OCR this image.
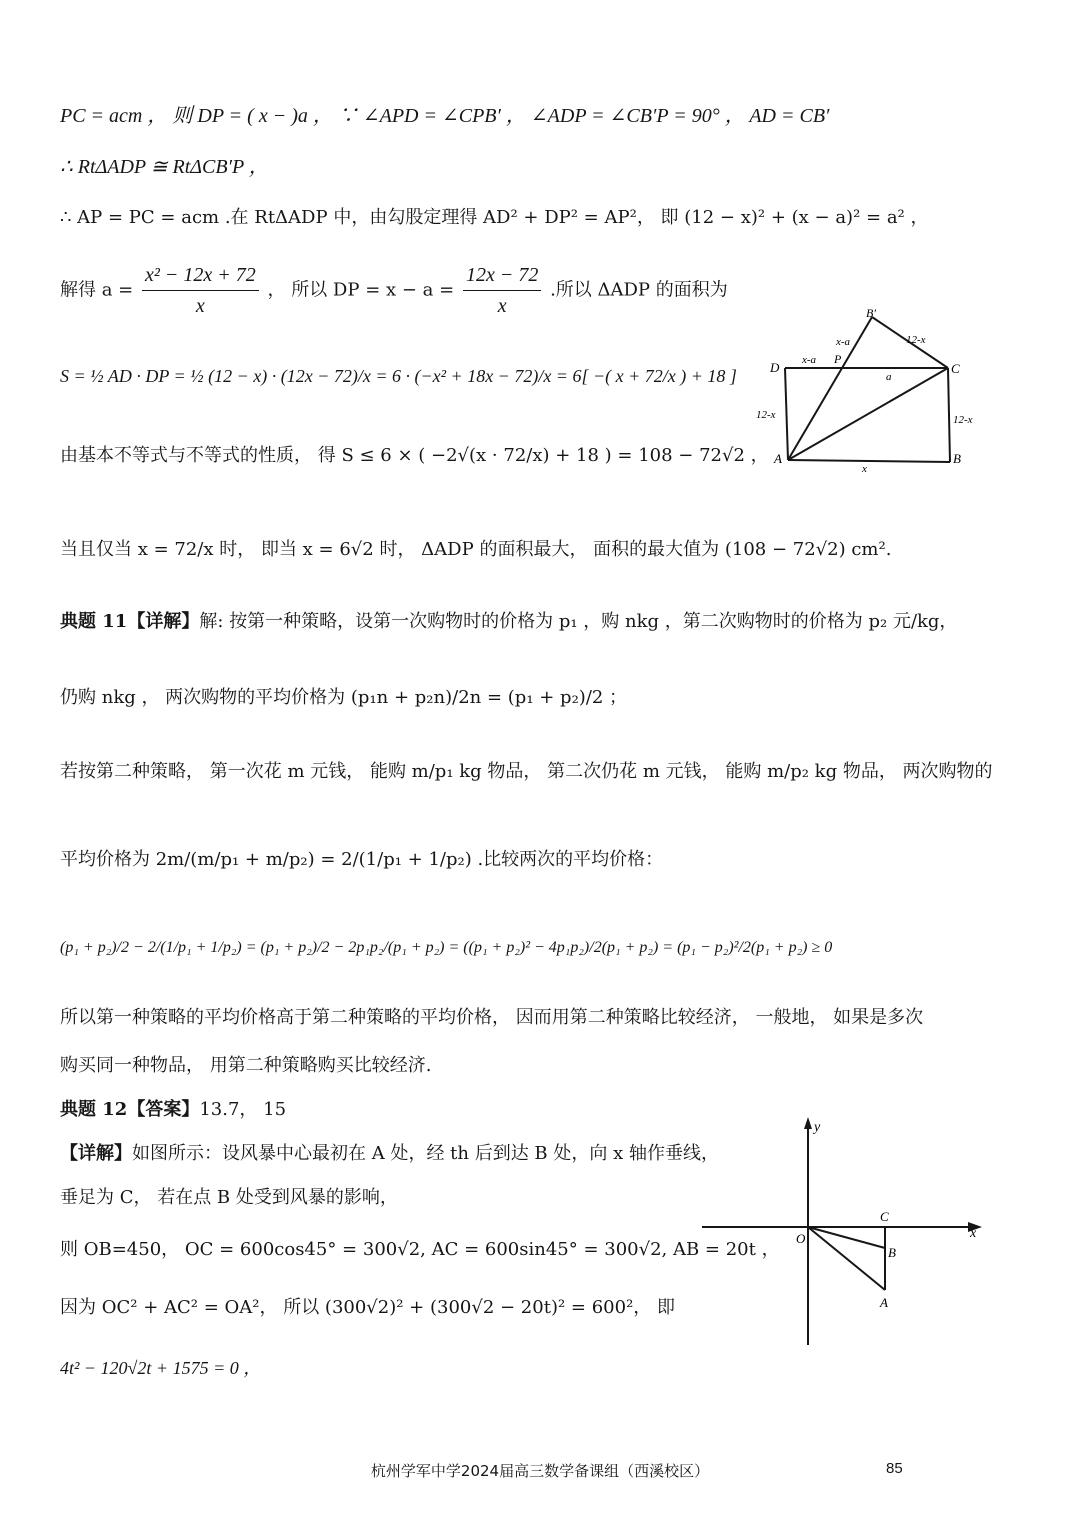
PC = acm ， 则 DP = ( x − )a ， ∵ ∠APD = ∠CPB′ ， ∠ADP = ∠CB′P = 90° ， AD = CB′
∴ RtΔADP ≅ RtΔCB′P ，
∴ AP = PC = acm .在 RtΔADP 中，由勾股定理得 AD² + DP² = AP²， 即 (12 − x)² + (x − a)² = a² ，
解得 $a = \frac{\text{x² − 12x + 72}}{x}$ ， 所以 DP = $x - a = \frac{12x - 72}{x}$ .所以 ΔADP 的面积为
S = ½ AD · DP = ½ (12 − x) · (12x − 72)/x = 6 · (−x² + 18x − 72)/x = 6[ −( x + 72/x ) + 18 ]
B′
D
P
C
A	B
x-a
x-a
12-x
a
12-x	12-x
x
由基本不等式与不等式的性质， 得 S ≤ 6 × ( −2√(x · 72/x) + 18 ) = 108 − 72√2 ，
当且仅当 x = 72/x 时， 即当 x = 6√2 时， ΔADP 的面积最大， 面积的最大值为 (108 − 72√2) cm².
典题 11【详解】解: 按第一种策略，设第一次购物时的价格为 p₁ ，购 nkg ，第二次购物时的价格为 p₂ 元/kg，
仍购 nkg ， 两次购物的平均价格为 (p₁n + p₂n)/2n = (p₁ + p₂)/2 ；
若按第二种策略， 第一次花 m 元钱， 能购 m/p₁ kg 物品， 第二次仍花 m 元钱， 能购 m/p₂ kg 物品， 两次购物的
平均价格为 2m/(m/p₁ + m/p₂) = 2/(1/p₁ + 1/p₂) .比较两次的平均价格：
(p₁ + p₂)/2 − 2/(1/p₁ + 1/p₂) = (p₁ + p₂)/2 − 2p₁p₂/(p₁ + p₂) = ((p₁ + p₂)² − 4p₁p₂)/2(p₁ + p₂) = (p₁ − p₂)²/2(p₁ + p₂) ≥ 0
所以第一种策略的平均价格高于第二种策略的平均价格， 因而用第二种策略比较经济， 一般地， 如果是多次
购买同一种物品， 用第二种策略购买比较经济.
典题 12【答案】13.7， 15
【详解】如图所示：设风暴中心最初在 A 处，经 th 后到达 B 处，向 x 轴作垂线，
垂足为 C， 若在点 B 处受到风暴的影响，
则 OB=450， OC = 600cos45° = 300√2, AC = 600sin45° = 300√2, AB = 20t ，
因为 OC² + AC² = OA²， 所以 (300√2)² + (300√2 − 20t)² = 600²， 即
4t² − 120√2t + 1575 = 0 ，
y
x
O
C
B
A
杭州学军中学2024届高三数学备课组（西溪校区）	85
